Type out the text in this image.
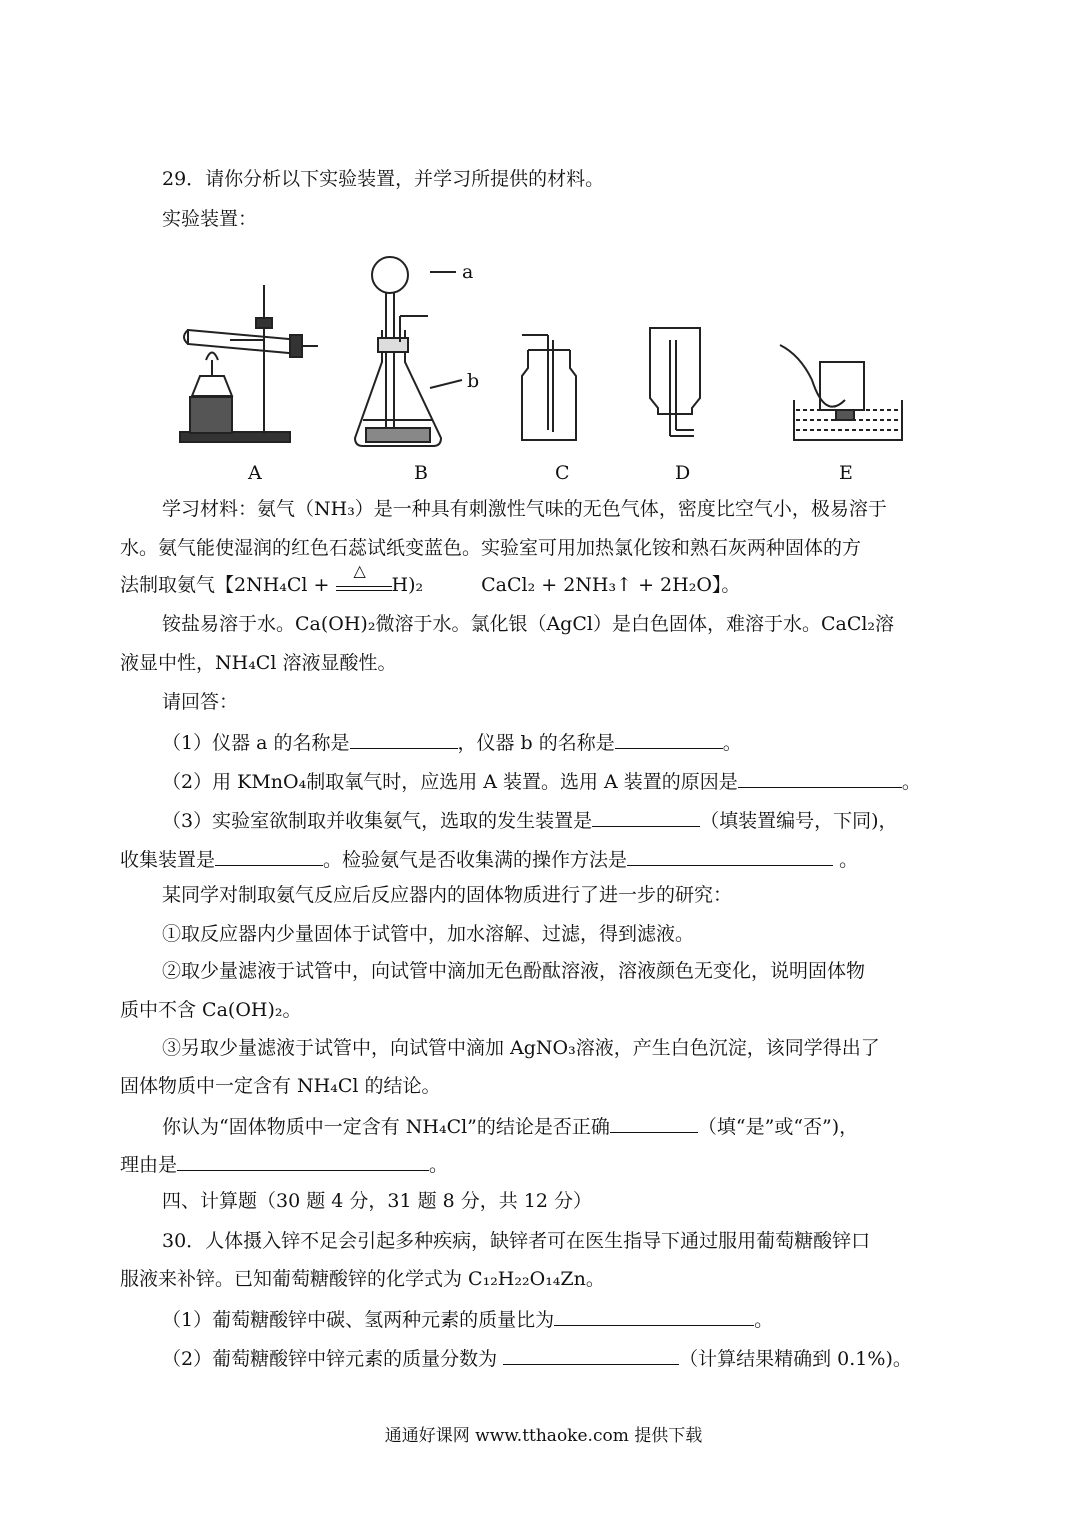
29．请你分析以下实验装置，并学习所提供的材料。
实验装置：
a
b
A	B	C	D	E
学习材料：氨气（NH₃）是一种具有刺激性气味的无色气体，密度比空气小，极易溶于
水。氨气能使湿润的红色石蕊试纸变蓝色。实验室可用加热氯化铵和熟石灰两种固体的方
法制取氨气【2NH₄Cl +
△
H)₂	CaCl₂ + 2NH₃↑ + 2H₂O】。
铵盐易溶于水。Ca(OH)₂微溶于水。氯化银（AgCl）是白色固体，难溶于水。CaCl₂溶
液显中性，NH₄Cl 溶液显酸性。
请回答：
（1）仪器 a 的名称是	，仪器 b 的名称是	。
（2）用 KMnO₄制取氧气时，应选用 A 装置。选用 A 装置的原因是	。
（3）实验室欲制取并收集氨气，选取的发生装置是	（填装置编号，下同)，
收集装置是	。检验氨气是否收集满的操作方法是	。
某同学对制取氨气反应后反应器内的固体物质进行了进一步的研究：
①取反应器内少量固体于试管中，加水溶解、过滤，得到滤液。
②取少量滤液于试管中，向试管中滴加无色酚酞溶液，溶液颜色无变化，说明固体物
质中不含 Ca(OH)₂。
③另取少量滤液于试管中，向试管中滴加 AgNO₃溶液，产生白色沉淀，该同学得出了
固体物质中一定含有 NH₄Cl 的结论。
你认为“固体物质中一定含有 NH₄Cl”的结论是否正确	（填“是”或“否”)，
理由是	。
四、计算题（30 题 4 分，31 题 8 分，共 12 分）
30．人体摄入锌不足会引起多种疾病，缺锌者可在医生指导下通过服用葡萄糖酸锌口
服液来补锌。已知葡萄糖酸锌的化学式为 C₁₂H₂₂O₁₄Zn。
（1）葡萄糖酸锌中碳、氢两种元素的质量比为	。
（2）葡萄糖酸锌中锌元素的质量分数为	（计算结果精确到 0.1%)。
通通好课网 www.tthaoke.com 提供下载
